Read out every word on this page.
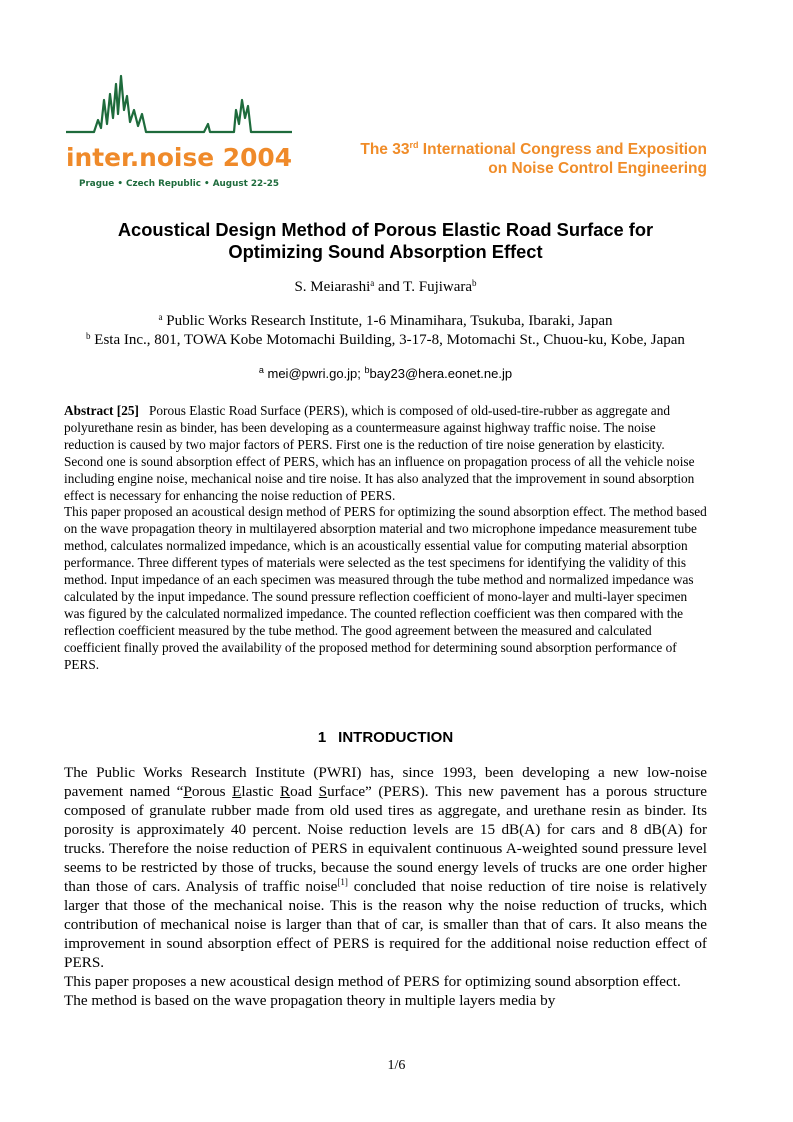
inter.noise 2004
Prague • Czech Republic • August 22-25
The 33rd International Congress and Exposition
on Noise Control Engineering
Acoustical Design Method of Porous Elastic Road Surface for
Optimizing Sound Absorption Effect
S. Meiarashi$^a$ and T. Fujiwara$^b$
$^a$ Public Works Research Institute, 1-6 Minamihara, Tsukuba, Ibaraki, Japan
$^b$ Esta Inc., 801, TOWA Kobe Motomachi Building, 3-17-8, Motomachi St., Chuou-ku, Kobe, Japan
$^a$ mei@pwri.go.jp; $^b$bay23@hera.eonet.ne.jp

Abstract [25] Porous Elastic Road Surface (PERS), which is composed of old-used-tire-rubber as aggregate and polyurethane resin as binder, has been developing as a countermeasure against highway traffic noise. The noise reduction is caused by two major factors of PERS. First one is the reduction of tire noise generation by elasticity. Second one is sound absorption effect of PERS, which has an influence on propagation process of all the vehicle noise including engine noise, mechanical noise and tire noise. It has also analyzed that the improvement in sound absorption effect is necessary for enhancing the noise reduction of PERS.

This paper proposed an acoustical design method of PERS for optimizing the sound absorption effect. The method based on the wave propagation theory in multilayered absorption material and two microphone impedance measurement tube method, calculates normalized impedance, which is an acoustically essential value for computing material absorption performance. Three different types of materials were selected as the test specimens for identifying the validity of this method. Input impedance of an each specimen was measured through the tube method and normalized impedance was calculated by the input impedance. The sound pressure reflection coefficient of mono-layer and multi-layer specimen was figured by the calculated normalized impedance. The counted reflection coefficient was then compared with the reflection coefficient measured by the tube method. The good agreement between the measured and calculated coefficient finally proved the availability of the proposed method for determining sound absorption performance of PERS.

1 INTRODUCTION

The Public Works Research Institute (PWRI) has, since 1993, been developing a new low-noise pavement named “Porous Elastic Road Surface” (PERS). This new pavement has a porous structure composed of granulate rubber made from old used tires as aggregate, and urethane resin as binder. Its porosity is approximately 40 percent. Noise reduction levels are 15 dB(A) for cars and 8 dB(A) for trucks. Therefore the noise reduction of PERS in equivalent continuous A-weighted sound pressure level seems to be restricted by those of trucks, because the sound energy levels of trucks are one order higher than those of cars. Analysis of traffic noise[1] concluded that noise reduction of tire noise is relatively larger that those of the mechanical noise. This is the reason why the noise reduction of trucks, which contribution of mechanical noise is larger than that of car, is smaller than that of cars. It also means the improvement in sound absorption effect of PERS is required for the additional noise reduction effect of PERS.

This paper proposes a new acoustical design method of PERS for optimizing sound absorption effect. The method is based on the wave propagation theory in multiple layers media by

1/6
